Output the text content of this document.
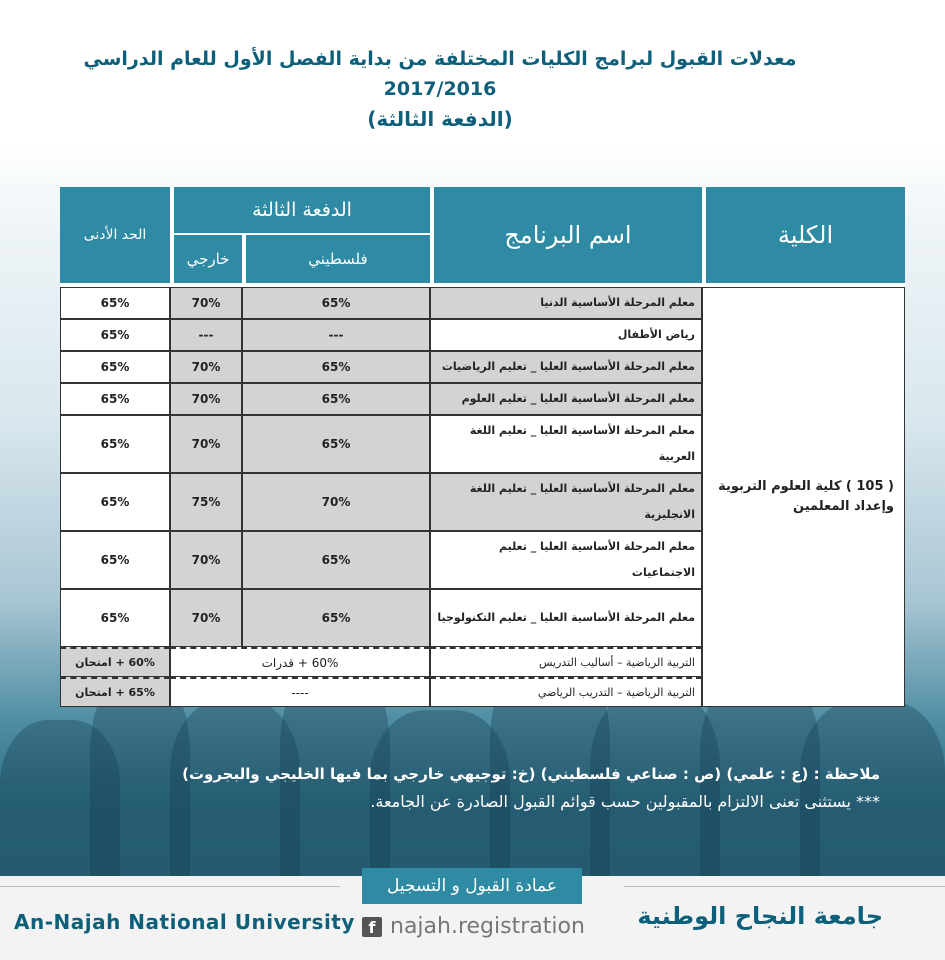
معدلات القبول لبرامج الكليات المختلفة من بداية الفصل الأول للعام الدراسي 2017/2016
(الدفعة الثالثة)
الكلية	اسم البرنامج	الدفعة الثالثة		الحد الأدنى
		فلسطيني	خارجي	

( 105 ) كلية العلوم التربوية وإعداد المعلمين	معلم المرحلة الأساسية الدنيا	65%	70%	65%
	رياض الأطفال	---	---	65%
	معلم المرحلة الأساسية العليا _ تعليم الرياضيات	65%	70%	65%
	معلم المرحلة الأساسية العليا _ تعليم العلوم	65%	70%	65%
	معلم المرحلة الأساسية العليا _ تعليم اللغة العربية	65%	70%	65%
	معلم المرحلة الأساسية العليا _ تعليم اللغة الانجليزية	70%	75%	65%
	معلم المرحلة الأساسية العليا _ تعليم الاجتماعيات	65%	70%	65%
	معلم المرحلة الأساسية العليا _ تعليم التكنولوجيا	65%	70%	65%
	التربية الرياضية – أساليب التدريس	60% + قدرات		60% + امتحان
	التربية الرياضية – التدريب الرياضي	----		65% + امتحان
ملاحظة : (ع : علمي) (ص : صناعي فلسطيني) (خ: توجيهي خارجي بما فيها الخليجي والبجروت)
*** يستثنى تعنى الالتزام بالمقبولين حسب قوائم القبول الصادرة عن الجامعة.
عمادة القبول و التسجيل
An-Najah National University	جامعة النجاح الوطنية
f najah.registration
